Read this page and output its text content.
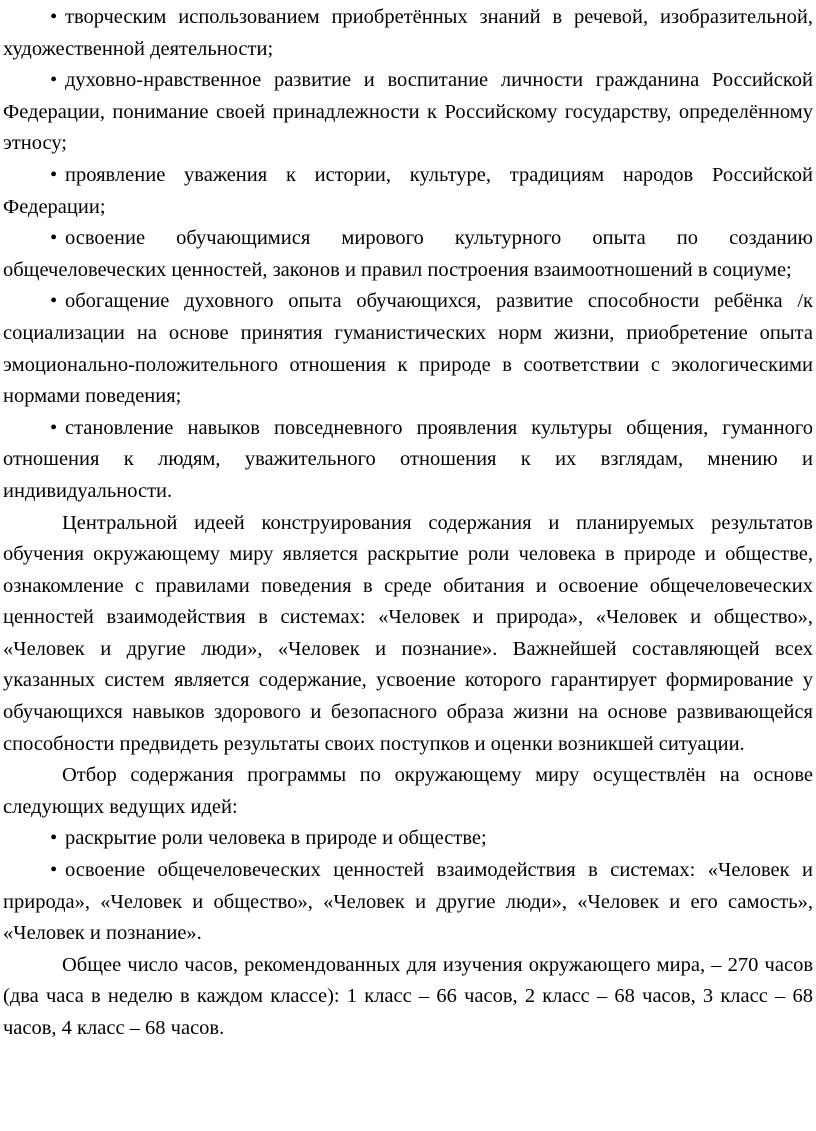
• творческим использованием приобретённых знаний в речевой, изобразительной, художественной деятельности;

• духовно-нравственное развитие и воспитание личности гражданина Российской Федерации, понимание своей принадлежности к Российскому государству, определённому этносу;

• проявление уважения к истории, культуре, традициям народов Российской Федерации;

• освоение обучающимися мирового культурного опыта по созданию общечеловеческих ценностей, законов и правил построения взаимоотношений в социуме;

• обогащение духовного опыта обучающихся, развитие способности ребёнка /к социализации на основе принятия гуманистических норм жизни, приобретение опыта эмоционально-положительного отношения к природе в соответствии с экологическими нормами поведения;

• становление навыков повседневного проявления культуры общения, гуманного отношения к людям, уважительного отношения к их взглядам, мнению и индивидуальности.

Центральной идеей конструирования содержания и планируемых результатов обучения окружающему миру является раскрытие роли человека в природе и обществе, ознакомление с правилами поведения в среде обитания и освоение общечеловеческих ценностей взаимодействия в системах: «Человек и природа», «Человек и общество», «Человек и другие люди», «Человек и познание». Важнейшей составляющей всех указанных систем является содержание, усвоение которого гарантирует формирование у обучающихся навыков здорового и безопасного образа жизни на основе развивающейся способности предвидеть результаты своих поступков и оценки возникшей ситуации.

Отбор содержания программы по окружающему миру осуществлён на основе следующих ведущих идей:

• раскрытие роли человека в природе и обществе;

• освоение общечеловеческих ценностей взаимодействия в системах: «Человек и природа», «Человек и общество», «Человек и другие люди», «Человек и его самость», «Человек и познание».

Общее число часов, рекомендованных для изучения окружающего мира, – 270 часов (два часа в неделю в каждом классе): 1 класс – 66 часов, 2 класс – 68 часов, 3 класс – 68 часов, 4 класс – 68 часов.
